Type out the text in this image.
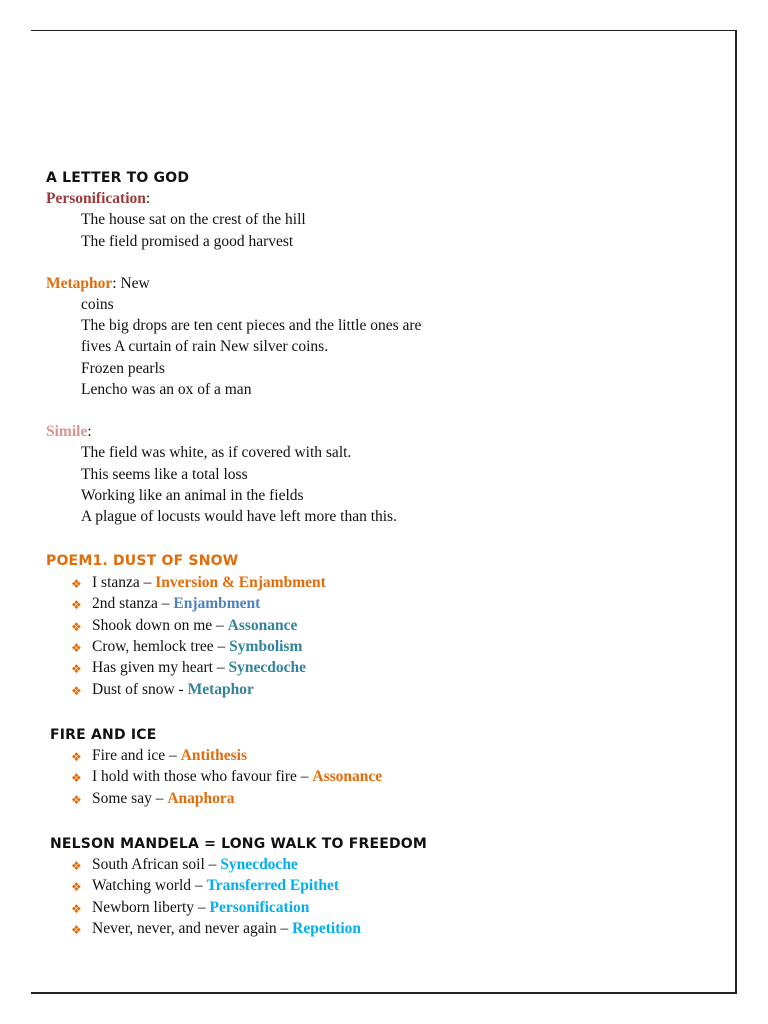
A LETTER TO GOD
Personification:
The house sat on the crest of the hill
The field promised a good harvest
Metaphor: New
coins
The big drops are ten cent pieces and the little ones are
fives A curtain of rain New silver coins.
Frozen pearls
Lencho was an ox of a man
Simile:
The field was white, as if covered with salt.
This seems like a total loss
Working like an animal in the fields
A plague of locusts would have left more than this.
POEM1. DUST OF SNOW
❖ I stanza – Inversion & Enjambment
❖ 2nd stanza – Enjambment
❖ Shook down on me – Assonance
❖ Crow, hemlock tree – Symbolism
❖ Has given my heart – Synecdoche
❖ Dust of snow - Metaphor
FIRE AND ICE
❖ Fire and ice – Antithesis
❖ I hold with those who favour fire – Assonance
❖ Some say – Anaphora
NELSON MANDELA = LONG WALK TO FREEDOM
❖ South African soil – Synecdoche
❖ Watching world – Transferred Epithet
❖ Newborn liberty – Personification
❖ Never, never, and never again – Repetition
